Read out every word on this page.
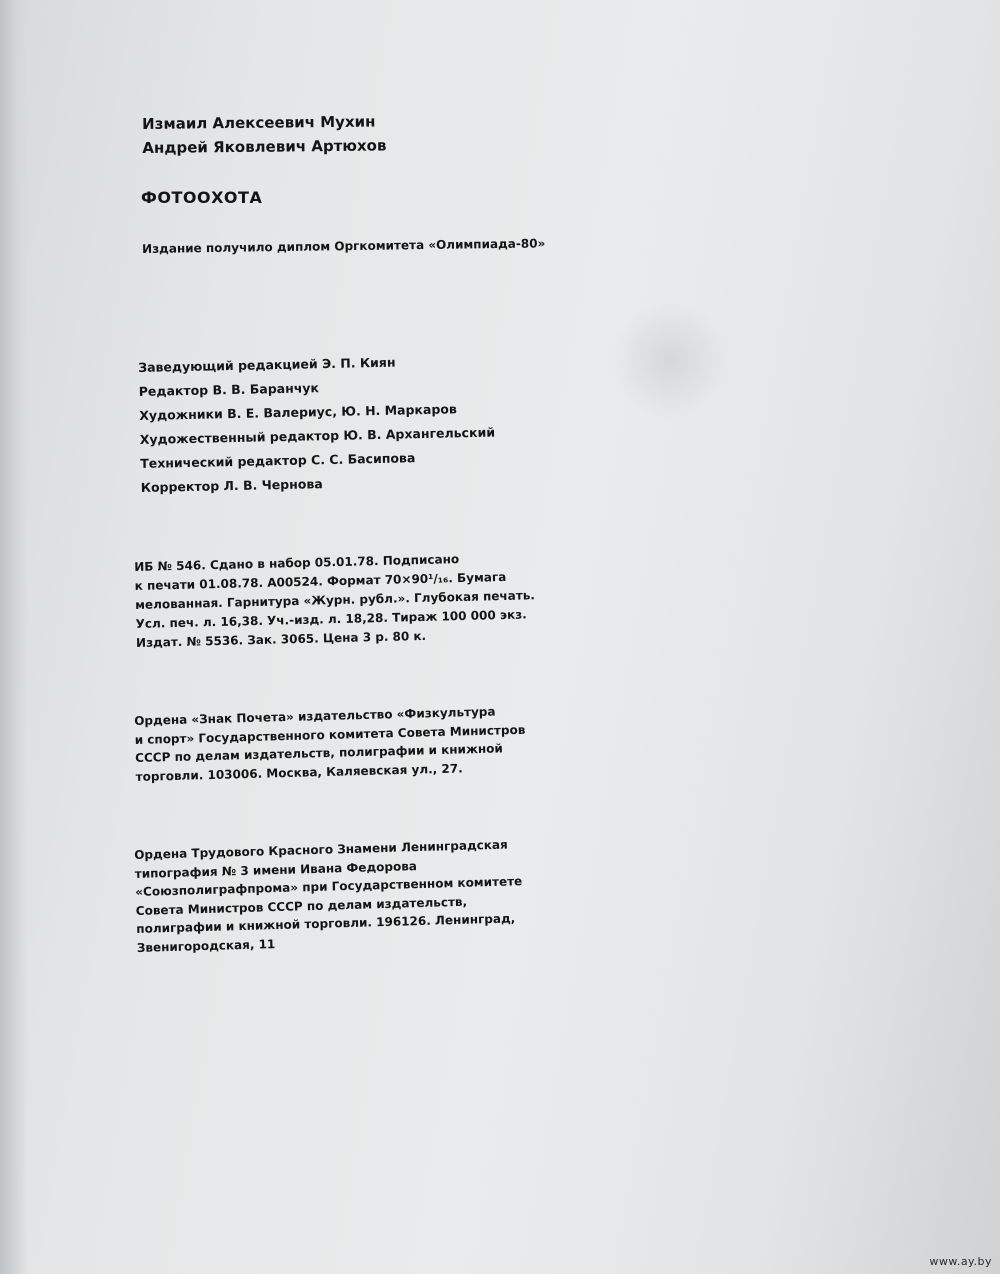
Измаил Алексеевич Мухин
Андрей Яковлевич Артюхов
ФОТООХОТА
Издание получило диплом Оргкомитета «Олимпиада-80»
Заведующий редакцией Э. П. Киян
Редактор В. В. Баранчук
Художники В. Е. Валериус, Ю. Н. Маркаров
Художественный редактор Ю. В. Архангельский
Технический редактор С. С. Басипова
Корректор Л. В. Чернова
ИБ № 546. Сдано в набор 05.01.78. Подписано
к печати 01.08.78. А00524. Формат 70×90¹/₁₆. Бумага
мелованная. Гарнитура «Журн. рубл.». Глубокая печать.
Усл. печ. л. 16,38. Уч.-изд. л. 18,28. Тираж 100 000 экз.
Издат. № 5536. Зак. 3065. Цена 3 р. 80 к.
Ордена «Знак Почета» издательство «Физкультура
и спорт» Государственного комитета Совета Министров
СССР по делам издательств, полиграфии и книжной
торговли. 103006. Москва, Каляевская ул., 27.
Ордена Трудового Красного Знамени Ленинградская
типография № 3 имени Ивана Федорова
«Союзполиграфпрома» при Государственном комитете
Совета Министров СССР по делам издательств,
полиграфии и книжной торговли. 196126. Ленинград,
Звенигородская, 11
www.ay.by
